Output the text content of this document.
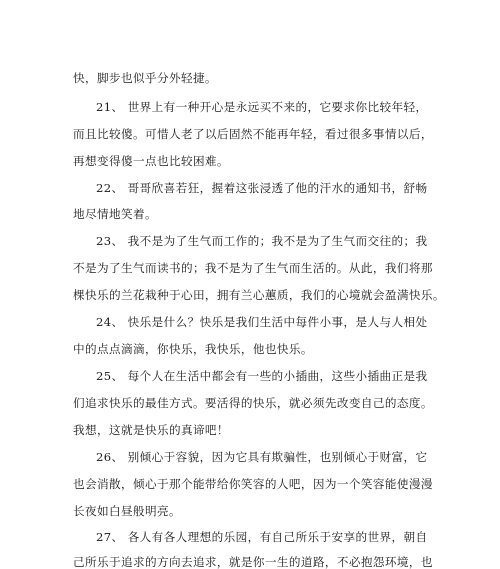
快，脚步也似乎分外轻捷。
21、 世界上有一种开心是永远买不来的，它要求你比较年轻，
而且比较傻。可惜人老了以后固然不能再年轻，看过很多事情以后，
再想变得傻一点也比较困难。
22、 哥哥欣喜若狂，握着这张浸透了他的汗水的通知书，舒畅
地尽情地笑着。
23、 我不是为了生气而工作的；我不是为了生气而交往的；我
不是为了生气而读书的；我不是为了生气而生活的。从此，我们将那
棵快乐的兰花栽种于心田，拥有兰心蕙质，我们的心境就会盈满快乐。
24、 快乐是什么？快乐是我们生活中每件小事，是人与人相处
中的点点滴滴，你快乐，我快乐，他也快乐。
25、 每个人在生活中都会有一些的小插曲，这些小插曲正是我
们追求快乐的最佳方式。要活得的快乐，就必须先改变自己的态度。
我想，这就是快乐的真谛吧！
26、 别倾心于容貌，因为它具有欺骗性，也别倾心于财富，它
也会消散，倾心于那个能带给你笑容的人吧，因为一个笑容能使漫漫
长夜如白昼般明亮。
27、 各人有各人理想的乐园，有自己所乐于安享的世界，朝自
己所乐于追求的方向去追求，就是你一生的道路，不必抱怨环境，也
